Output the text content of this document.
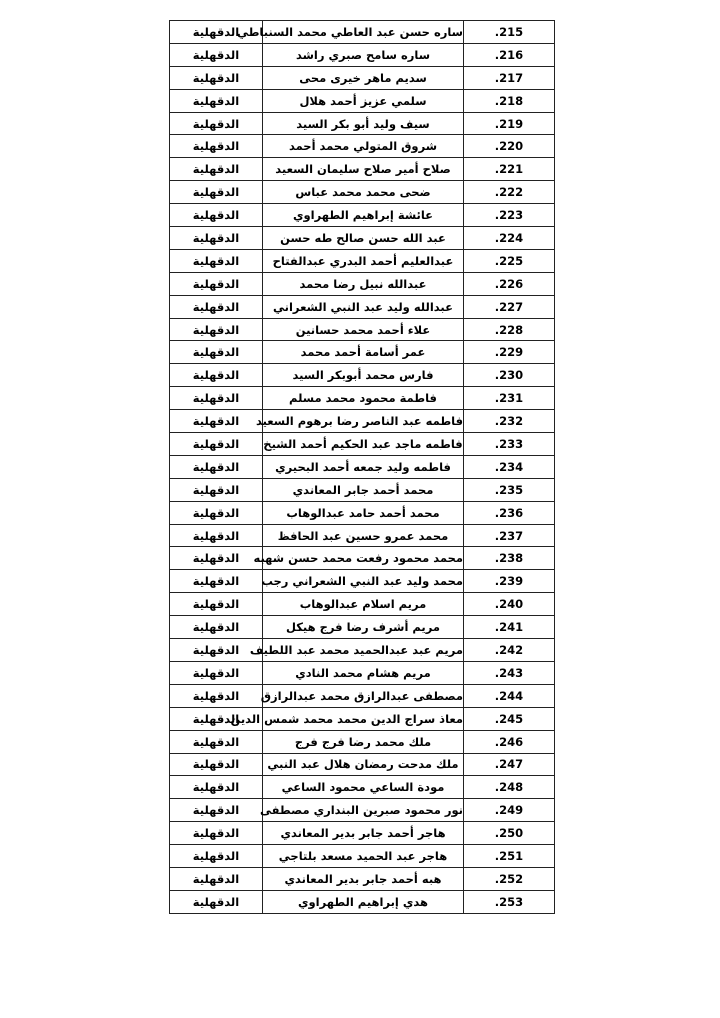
الدقهلية	ساره حسن عبد العاطي محمد السنباطي	215.
الدقهلية	ساره سامح صبري راشد	216.
الدقهلية	سديم ماهر خيرى محى	217.
الدقهلية	سلمي عزيز أحمد هلال	218.
الدقهلية	سيف وليد أبو بكر السيد	219.
الدقهلية	شروق المتولي محمد أحمد	220.
الدقهلية	صلاح أمير صلاح سليمان السعيد	221.
الدقهلية	ضحى محمد محمد عباس	222.
الدقهلية	عائشة إبراهيم الطهراوي	223.
الدقهلية	عبد الله حسن صالح طه حسن	224.
الدقهلية	عبدالعليم أحمد البدري عبدالفتاح	225.
الدقهلية	عبدالله نبيل رضا محمد	226.
الدقهلية	عبدالله وليد عبد النبي الشعراني	227.
الدقهلية	علاء أحمد محمد حسانين	228.
الدقهلية	عمر أسامة أحمد محمد	229.
الدقهلية	فارس محمد أبوبكر السيد	230.
الدقهلية	فاطمة محمود محمد مسلم	231.
الدقهلية	فاطمه عبد الناصر رضا برهوم السعيد	232.
الدقهلية	فاطمه ماجد عبد الحكيم أحمد الشيخ	233.
الدقهلية	فاطمه وليد جمعه أحمد البحيري	234.
الدقهلية	محمد أحمد جابر المعاندي	235.
الدقهلية	محمد أحمد حامد عبدالوهاب	236.
الدقهلية	محمد عمرو حسين عبد الحافظ	237.
الدقهلية	محمد محمود رفعت محمد حسن شهبه	238.
الدقهلية	محمد وليد عبد النبي الشعراني رجب	239.
الدقهلية	مريم اسلام عبدالوهاب	240.
الدقهلية	مريم أشرف رضا فرج هيكل	241.
الدقهلية	مريم عبد عبدالحميد محمد عبد اللطيف	242.
الدقهلية	مريم هشام محمد النادي	243.
الدقهلية	مصطفى عبدالرازق محمد عبدالرازق	244.
الدقهلية	معاذ سراج الدين محمد محمد شمس الدين	245.
الدقهلية	ملك محمد رضا فرج فرج	246.
الدقهلية	ملك مدحت رمضان هلال عبد النبي	247.
الدقهلية	مودة الساعي محمود الساعي	248.
الدقهلية	نور محمود صبرين البنداري مصطفى	249.
الدقهلية	هاجر أحمد جابر بدير المعاندي	250.
الدقهلية	هاجر عبد الحميد مسعد بلتاجي	251.
الدقهلية	هبه أحمد جابر بدير المعاندي	252.
الدقهلية	هدي إبراهيم الطهراوي	253.
